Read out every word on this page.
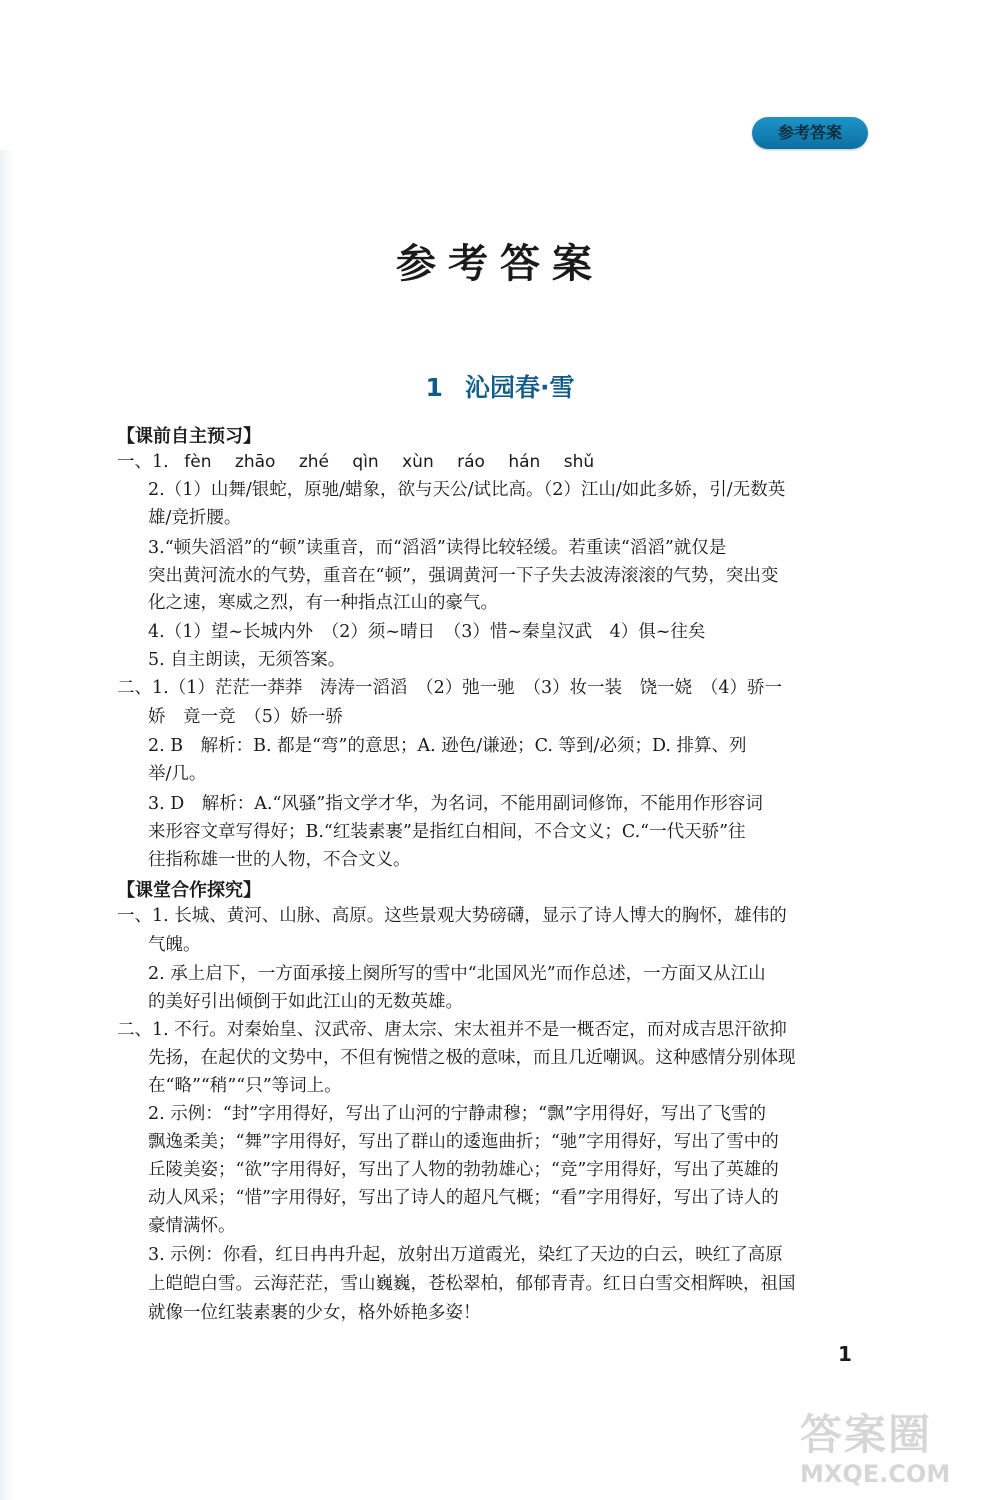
参考答案
参考答案
1 沁园春·雪
【课前自主预习】
一、1. fèn zhāo zhé qìn xùn ráo hán shǔ
2.（1）山舞/银蛇，原驰/蜡象，欲与天公/试比高。（2）江山/如此多娇，引/无数英
雄/竞折腰。
3.“顿失滔滔”的“顿”读重音，而“滔滔”读得比较轻缓。若重读“滔滔”就仅是
突出黄河流水的气势，重音在“顿”，强调黄河一下子失去波涛滚滚的气势，突出变
化之速，寒威之烈，有一种指点江山的豪气。
4.（1）望~长城内外　（2）须~晴日　（3）惜~秦皇汉武　4）俱~往矣
5. 自主朗读，无须答案。
二、1.（1）茫茫一莽莽　涛涛一滔滔　（2）弛一驰　（3）妆一装　饶一娆　（4）骄一
娇　竟一竞　（5）娇一骄
2. B　解析：B. 都是“弯”的意思；A. 逊色/谦逊；C. 等到/必须；D. 排算、列
举/几。
3. D　解析：A.“风骚”指文学才华，为名词，不能用副词修饰，不能用作形容词
来形容文章写得好；B.“红装素裹”是指红白相间，不合文义；C.“一代天骄”往
往指称雄一世的人物，不合文义。
【课堂合作探究】
一、1. 长城、黄河、山脉、高原。这些景观大势磅礴，显示了诗人博大的胸怀，雄伟的
气魄。
2. 承上启下，一方面承接上阕所写的雪中“北国风光”而作总述，一方面又从江山
的美好引出倾倒于如此江山的无数英雄。
二、1. 不行。对秦始皇、汉武帝、唐太宗、宋太祖并不是一概否定，而对成吉思汗欲抑
先扬，在起伏的文势中，不但有惋惜之极的意味，而且几近嘲讽。这种感情分别体现
在“略”“稍”“只”等词上。
2. 示例：“封”字用得好，写出了山河的宁静肃穆；“飘”字用得好，写出了飞雪的
飘逸柔美；“舞”字用得好，写出了群山的逶迤曲折；“驰”字用得好，写出了雪中的
丘陵美姿；“欲”字用得好，写出了人物的勃勃雄心；“竞”字用得好，写出了英雄的
动人风采；“惜”字用得好，写出了诗人的超凡气概；“看”字用得好，写出了诗人的
豪情满怀。
3. 示例：你看，红日冉冉升起，放射出万道霞光，染红了天边的白云，映红了高原
上皑皑白雪。云海茫茫，雪山巍巍，苍松翠柏，郁郁青青。红日白雪交相辉映，祖国
就像一位红装素裹的少女，格外娇艳多姿！
1
答案圈
MXQE.COM
